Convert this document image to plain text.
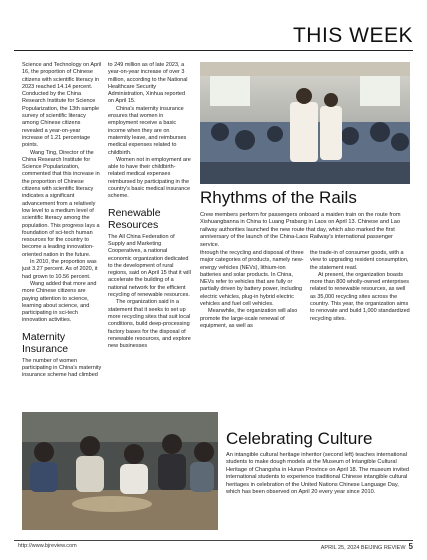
THIS WEEK

Science and Technology on April 16, the proportion of Chinese citizens with scientific literacy in 2023 reached 14.14 percent. Conducted by the China Research Institute for Science Popularization, the 13th sample survey of scientific literacy among Chinese citizens revealed a year-on-year increase of 1.21 percentage points.

Wang Ting, Director of the China Research Institute for Science Popularization, commented that this increase in the proportion of Chinese citizens with scientific literacy indicates a significant advancement from a relatively low level to a medium level of scientific literacy among the population. This progress lays a foundation of sci-tech human resources for the country to become a leading innovation-oriented nation in the future.

In 2010, the proportion was just 3.27 percent. As of 2020, it had grown to 10.56 percent.

Wang added that more and more Chinese citizens are paying attention to science, learning about science, and participating in sci-tech innovation activities.

Maternity Insurance

The number of women participating in China's maternity insurance scheme had climbed

to 249 million as of late 2023, a year-on-year increase of over 3 million, according to the National Healthcare Security Administration, Xinhua reported on April 15.

China's maternity insurance ensures that women in employment receive a basic income when they are on maternity leave, and reimburses medical expenses related to childbirth.

Women not in employment are able to have their childbirth-related medical expenses reimbursed by participating in the country's basic medical insurance scheme.

Renewable Resources

The All China Federation of Supply and Marketing Cooperatives, a national economic organization dedicated to the development of rural regions, said on April 15 that it will accelerate the building of a national network for the efficient recycling of renewable resources.

The organization said in a statement that it seeks to set up more recycling sites that suit local conditions, build deep-processing factory bases for the disposal of renewable resources, and explore new businesses

Rhythms of the Rails
Crew members perform for passengers onboard a maiden train on the route from Xishuangbanna in China to Luang Prabang in Laos on April 13. Chinese and Lao railway authorities launched the new route that day, which also marked the first anniversary of the launch of the China-Laos Railway's international passenger service.

through the recycling and disposal of three major categories of products, namely new-energy vehicles (NEVs), lithium-ion batteries and solar products. In China, NEVs refer to vehicles that are fully or partially driven by battery power, including electric vehicles, plug-in hybrid electric vehicles and fuel cell vehicles.

Meanwhile, the organization will also promote the large-scale renewal of equipment, as well as

the trade-in of consumer goods, with a view to upgrading resident consumption, the statement read.

At present, the organization boasts more than 800 wholly-owned enterprises related to renewable resources, as well as 35,000 recycling sites across the country. This year, the organization aims to renovate and build 1,000 standardized recycling sites.

Celebrating Culture
An intangible cultural heritage inheritor (second left) teaches international students to make dough models at the Museum of Intangible Cultural Heritage of Changsha in Hunan Province on April 18. The museum invited international students to experience traditional Chinese intangible cultural heritages in celebration of the United Nations Chinese Language Day, which has been observed on April 20 every year since 2010.
http://www.bjreview.com	APRIL 25, 2024 BEIJING REVIEW 5
